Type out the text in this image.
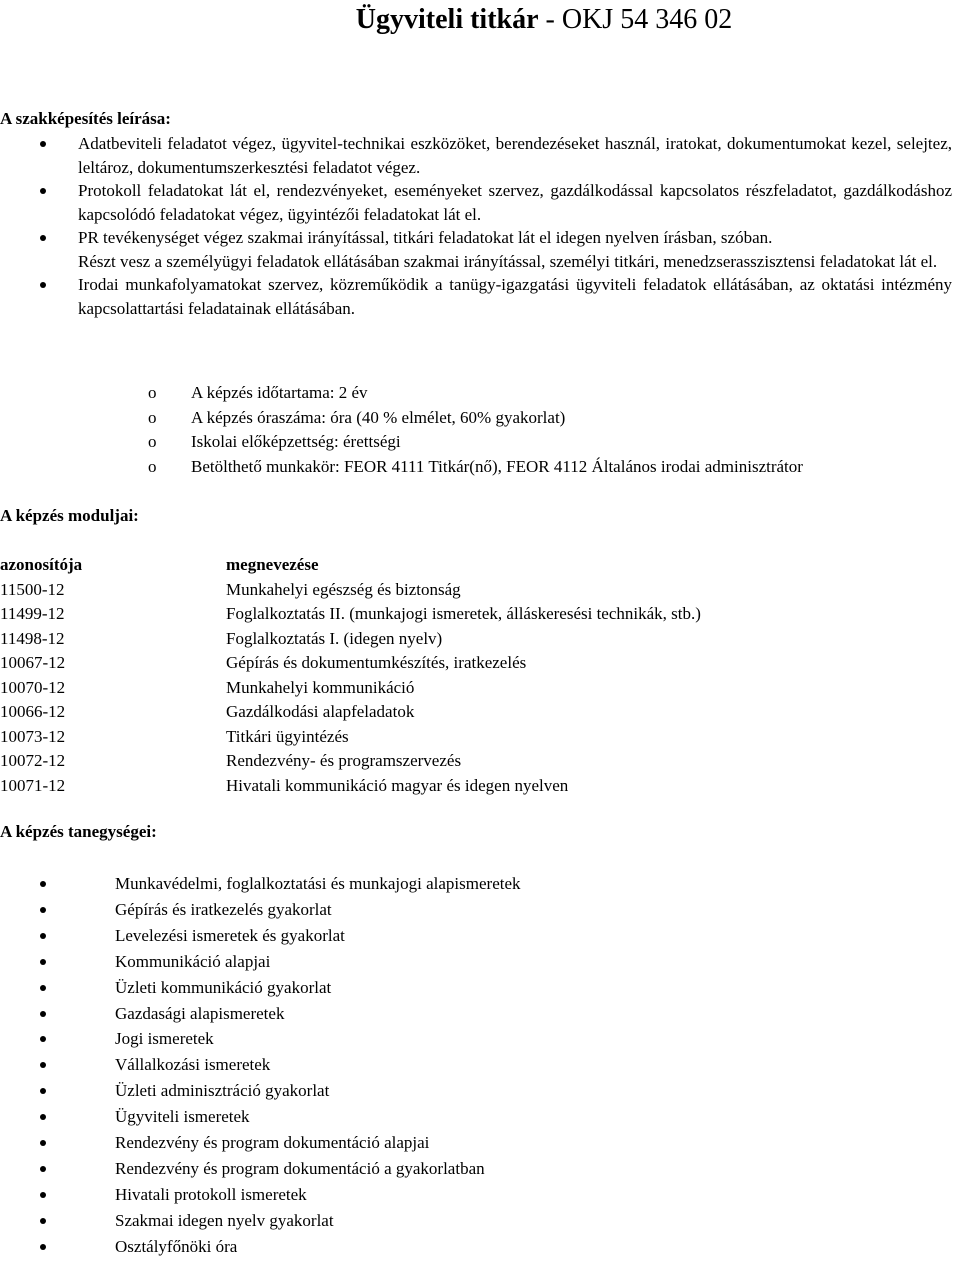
Ügyviteli titkár - OKJ 54 346 02
A szakképesítés leírása:
Adatbeviteli feladatot végez, ügyvitel-technikai eszközöket, berendezéseket használ, iratokat, dokumentumokat kezel, selejtez, leltároz, dokumentumszerkesztési feladatot végez.
Protokoll feladatokat lát el, rendezvényeket, eseményeket szervez, gazdálkodással kapcsolatos részfeladatot, gazdálkodáshoz kapcsolódó feladatokat végez, ügyintézői feladatokat lát el.
PR tevékenységet végez szakmai irányítással, titkári feladatokat lát el idegen nyelven írásban, szóban.
Részt vesz a személyügyi feladatok ellátásában szakmai irányítással, személyi titkári, menedzserasszisztensi feladatokat lát el.
Irodai munkafolyamatokat szervez, közreműködik a tanügy-igazgatási ügyviteli feladatok ellátásában, az oktatási intézmény kapcsolattartási feladatainak ellátásában.
o A képzés időtartama: 2 év
o A képzés óraszáma: óra (40 % elmélet, 60% gyakorlat)
o Iskolai előképzettség: érettségi
o Betölthető munkakör: FEOR 4111 Titkár(nő), FEOR 4112 Általános irodai adminisztrátor
A képzés moduljai:
azonosítója	megnevezése
11500-12	Munkahelyi egészség és biztonság
11499-12	Foglalkoztatás II. (munkajogi ismeretek, álláskeresési technikák, stb.)
11498-12	Foglalkoztatás I. (idegen nyelv)
10067-12	Gépírás és dokumentumkészítés, iratkezelés
10070-12	Munkahelyi kommunikáció
10066-12	Gazdálkodási alapfeladatok
10073-12	Titkári ügyintézés
10072-12	Rendezvény- és programszervezés
10071-12	Hivatali kommunikáció magyar és idegen nyelven
A képzés tanegységei:
Munkavédelmi, foglalkoztatási és munkajogi alapismeretek
Gépírás és iratkezelés gyakorlat
Levelezési ismeretek és gyakorlat
Kommunikáció alapjai
Üzleti kommunikáció gyakorlat
Gazdasági alapismeretek
Jogi ismeretek
Vállalkozási ismeretek
Üzleti adminisztráció gyakorlat
Ügyviteli ismeretek
Rendezvény és program dokumentáció alapjai
Rendezvény és program dokumentáció a gyakorlatban
Hivatali protokoll ismeretek
Szakmai idegen nyelv gyakorlat
Osztályfőnöki óra
